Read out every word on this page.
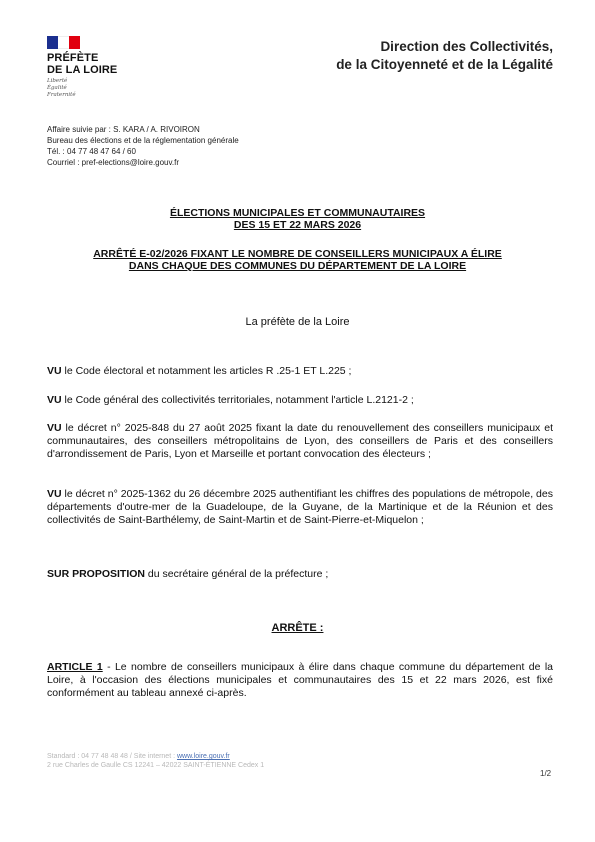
PRÉFÈTE
DE LA LOIRE
Liberté
Égalité
Fraternité
Direction des Collectivités,
de la Citoyenneté et de la Légalité
Affaire suivie par : S. KARA / A. RIVOIRON
Bureau des élections et de la réglementation générale
Tél. : 04 77 48 47 64 / 60
Courriel : pref-elections@loire.gouv.fr
ÉLECTIONS MUNICIPALES ET COMMUNAUTAIRES
DES 15 ET 22 MARS 2026
ARRÊTÉ E-02/2026 FIXANT LE NOMBRE DE CONSEILLERS MUNICIPAUX A ÉLIRE
DANS CHAQUE DES COMMUNES DU DÉPARTEMENT DE LA LOIRE
La préfète de la Loire
VU le Code électoral et notamment les articles R .25-1 ET L.225 ;
VU le Code général des collectivités territoriales, notamment l'article L.2121-2 ;
VU le décret n° 2025-848 du 27 août 2025 fixant la date du renouvellement des conseillers municipaux et communautaires, des conseillers métropolitains de Lyon, des conseillers de Paris et des conseillers d'arrondissement de Paris, Lyon et Marseille et portant convocation des électeurs ;
VU le décret n° 2025-1362 du 26 décembre 2025 authentifiant les chiffres des populations de métropole, des départements d'outre-mer de la Guadeloupe, de la Guyane, de la Martinique et de la Réunion et des collectivités de Saint-Barthélemy, de Saint-Martin et de Saint-Pierre-et-Miquelon ;
SUR PROPOSITION du secrétaire général de la préfecture ;
ARRÊTE :
ARTICLE 1 - Le nombre de conseillers municipaux à élire dans chaque commune du département de la Loire, à l'occasion des élections municipales et communautaires des 15 et 22 mars 2026, est fixé conformément au tableau annexé ci-après.
Standard : 04 77 48 48 48 / Site internet : www.loire.gouv.fr
2 rue Charles de Gaulle CS 12241 – 42022 SAINT-ÉTIENNE Cedex 1
1/2
